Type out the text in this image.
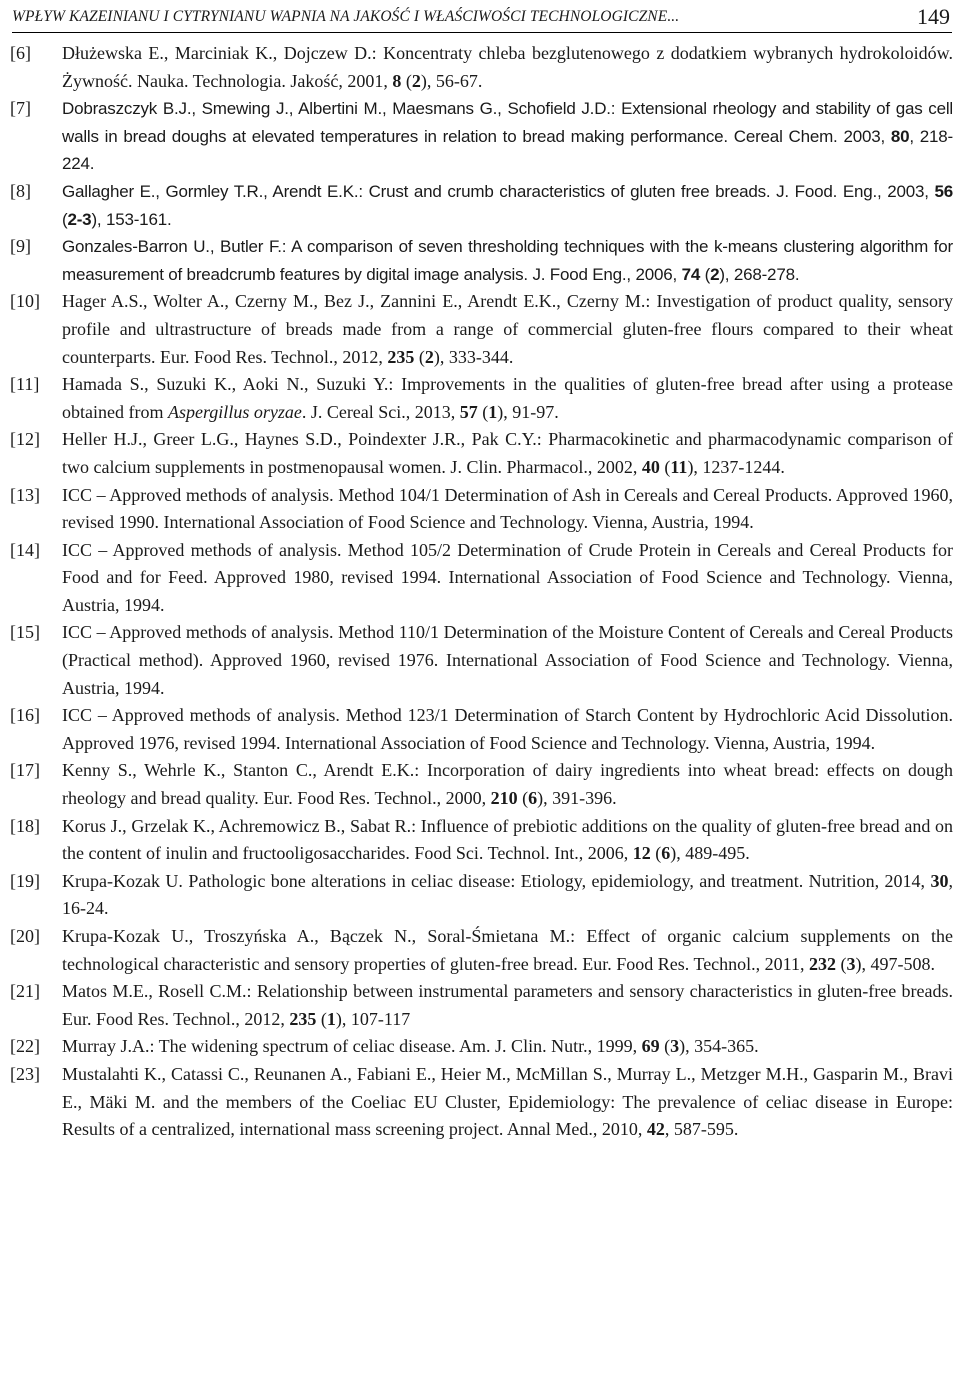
WPŁYW KAZEINIANU I CYTRYNIANU WAPNIA NA JAKOŚĆ I WŁAŚCIWOŚCI TECHNOLOGICZNE...	149
[6]	Dłużewska E., Marciniak K., Dojczew D.: Koncentraty chleba bezglutenowego z dodatkiem wybranych hydrokoloidów. Żywność. Nauka. Technologia. Jakość, 2001, 8 (2), 56-67.
[7]	Dobraszczyk B.J., Smewing J., Albertini M., Maesmans G., Schofield J.D.: Extensional rheology and stability of gas cell walls in bread doughs at elevated temperatures in relation to bread making performance. Cereal Chem. 2003, 80, 218-224.
[8]	Gallagher E., Gormley T.R., Arendt E.K.: Crust and crumb characteristics of gluten free breads. J. Food. Eng., 2003, 56 (2-3), 153-161.
[9]	Gonzales-Barron U., Butler F.: A comparison of seven thresholding techniques with the k-means clustering algorithm for measurement of breadcrumb features by digital image analysis. J. Food Eng., 2006, 74 (2), 268-278.
[10]	Hager A.S., Wolter A., Czerny M., Bez J., Zannini E., Arendt E.K., Czerny M.: Investigation of product quality, sensory profile and ultrastructure of breads made from a range of commercial gluten-free flours compared to their wheat counterparts. Eur. Food Res. Technol., 2012, 235 (2), 333-344.
[11]	Hamada S., Suzuki K., Aoki N., Suzuki Y.: Improvements in the qualities of gluten-free bread after using a protease obtained from Aspergillus oryzae. J. Cereal Sci., 2013, 57 (1), 91-97.
[12]	Heller H.J., Greer L.G., Haynes S.D., Poindexter J.R., Pak C.Y.: Pharmacokinetic and pharmacodynamic comparison of two calcium supplements in postmenopausal women. J. Clin. Pharmacol., 2002, 40 (11), 1237-1244.
[13]	ICC – Approved methods of analysis. Method 104/1 Determination of Ash in Cereals and Cereal Products. Approved 1960, revised 1990. International Association of Food Science and Technology. Vienna, Austria, 1994.
[14]	ICC – Approved methods of analysis. Method 105/2 Determination of Crude Protein in Cereals and Cereal Products for Food and for Feed. Approved 1980, revised 1994. International Association of Food Science and Technology. Vienna, Austria, 1994.
[15]	ICC – Approved methods of analysis. Method 110/1 Determination of the Moisture Content of Cereals and Cereal Products (Practical method). Approved 1960, revised 1976. International Association of Food Science and Technology. Vienna, Austria, 1994.
[16]	ICC – Approved methods of analysis. Method 123/1 Determination of Starch Content by Hydrochloric Acid Dissolution. Approved 1976, revised 1994. International Association of Food Science and Technology. Vienna, Austria, 1994.
[17]	Kenny S., Wehrle K., Stanton C., Arendt E.K.: Incorporation of dairy ingredients into wheat bread: effects on dough rheology and bread quality. Eur. Food Res. Technol., 2000, 210 (6), 391-396.
[18]	Korus J., Grzelak K., Achremowicz B., Sabat R.: Influence of prebiotic additions on the quality of gluten-free bread and on the content of inulin and fructooligosaccharides. Food Sci. Technol. Int., 2006, 12 (6), 489-495.
[19]	Krupa-Kozak U. Pathologic bone alterations in celiac disease: Etiology, epidemiology, and treatment. Nutrition, 2014, 30, 16-24.
[20]	Krupa-Kozak U., Troszyńska A., Bączek N., Soral-Śmietana M.: Effect of organic calcium supplements on the technological characteristic and sensory properties of gluten-free bread. Eur. Food Res. Technol., 2011, 232 (3), 497-508.
[21]	Matos M.E., Rosell C.M.: Relationship between instrumental parameters and sensory characteristics in gluten-free breads. Eur. Food Res. Technol., 2012, 235 (1), 107-117
[22]	Murray J.A.: The widening spectrum of celiac disease. Am. J. Clin. Nutr., 1999, 69 (3), 354-365.
[23]	Mustalahti K., Catassi C., Reunanen A., Fabiani E., Heier M., McMillan S., Murray L., Metzger M.H., Gasparin M., Bravi E., Mäki M. and the members of the Coeliac EU Cluster, Epidemiology: The prevalence of celiac disease in Europe: Results of a centralized, international mass screening project. Annal Med., 2010, 42, 587-595.
